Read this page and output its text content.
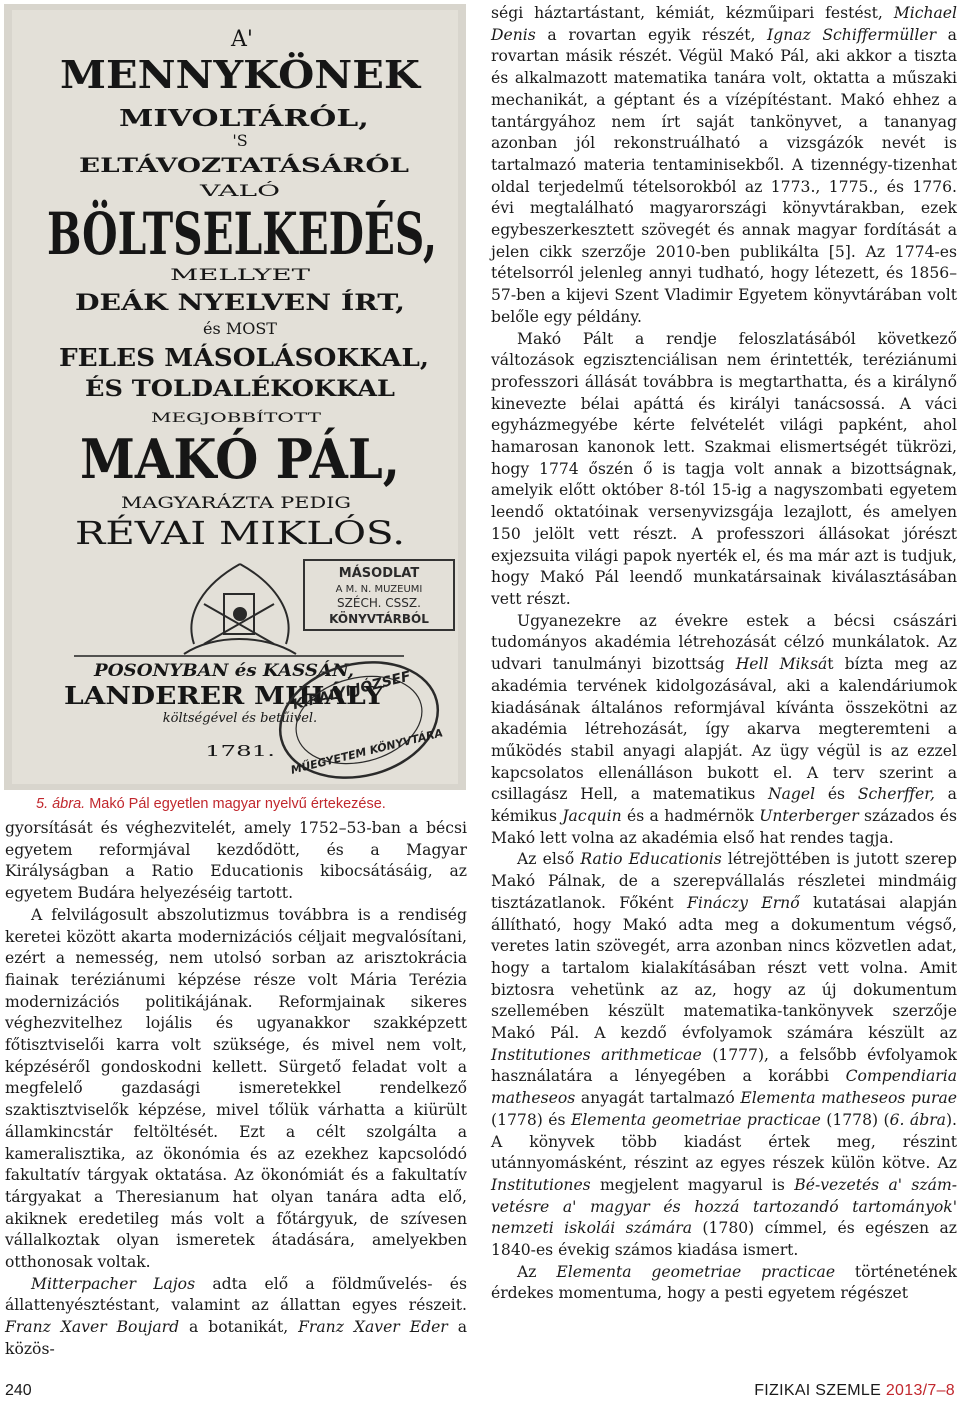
A'
MENNYKÖNEK
MIVOLTÁRÓL,
'S
ELTÁVOZTATÁSÁRÓL
VALÓ
BÖLTSELKEDÉS,
MELLYET
DEÁK NYELVEN ÍRT,
és MOST
FELES MÁSOLÁSOKKAL,
ÉS TOLDALÉKOKKAL
MEGJOBBÍTOTT
MAKÓ PÁL,
MAGYARÁZTA PEDIG
RÉVAI MIKLÓS.
MÁSODLAT
A M. N. MUZEUMI
SZÉCH. CSSZ.
KÖNYVTÁRBÓL
POSONYBAN és KASSÁN,
LANDERER MIHÁLY
költségével és betűivel.
1781.
KIRÁLYI JÓZSEF
MŰEGYETEM KÖNYVTÁRA
5. ábra. Makó Pál egyetlen magyar nyelvű értekezése.

gyorsítását és véghezvitelét, amely 1752–53-ban a bécsi egyetem reformjával kezdődött, és a Magyar Királyságban a Ratio Educationis kibocsátásáig, az egyetem Budára helyezéséig tartott.

A felvilágosult abszolutizmus továbbra is a rendiség keretei között akarta modernizációs céljait megvalósítani, ezért a nemesség, nem utolsó sorban az arisztokrácia fiainak teréziánumi képzése része volt Mária Terézia modernizációs politikájának. Reformjainak sikeres véghezvitelhez lojális és ugyanakkor szakképzett főtisztviselői karra volt szüksége, és mivel nem volt, képzéséről gondoskodni kellett. Sürgető feladat volt a megfelelő gazdasági ismeretekkel rendelkező szaktisztviselők képzése, mivel tőlük várhatta a kiürült államkincstár feltöltését. Ezt a célt szolgálta a kameralisztika, az ökonómia és az ezekhez kapcsolódó fakultatív tárgyak oktatása. Az ökonómiát és a fakultatív tárgyakat a Theresianum hat olyan tanára adta elő, akiknek eredetileg más volt a főtárgyuk, de szívesen vállalkoztak olyan ismeretek átadására, amelyekben otthonosak voltak.

Mitterpacher Lajos adta elő a földművelés- és állattenyésztéstant, valamint az állattan egyes részeit. Franz Xaver Boujard a botanikát, Franz Xaver Eder a közös-

ségi háztartástant, kémiát, kézműipari festést, Michael Denis a rovartan egyik részét, Ignaz Schiffermüller a rovartan másik részét. Végül Makó Pál, aki akkor a tiszta és alkalmazott matematika tanára volt, oktatta a műszaki mechanikát, a géptant és a vízépítéstant. Makó ehhez a tantárgyához nem írt saját tankönyvet, a tananyag azonban jól rekonstruálható a vizsgázók nevét is tartalmazó materia tentaminisekből. A tizennégy-tizenhat oldal terjedelmű tételsorokból az 1773., 1775., és 1776. évi megtalálható magyarországi könyvtárakban, ezek egybeszerkesztett szövegét és annak magyar fordítását a jelen cikk szerzője 2010-ben publikálta [5]. Az 1774-es tételsorról jelenleg annyi tudható, hogy létezett, és 1856–57-ben a kijevi Szent Vladimir Egyetem könyvtárában volt belőle egy példány.

Makó Pált a rendje feloszlatásából következő változások egzisztenciálisan nem érintették, teréziánumi professzori állását továbbra is megtarthatta, és a királynő kinevezte bélai apáttá és királyi tanácsossá. A váci egyházmegyébe kérte felvételét világi papként, ahol hamarosan kanonok lett. Szakmai elismertségét tükrözi, hogy 1774 őszén ő is tagja volt annak a bizottságnak, amelyik előtt október 8-tól 15-ig a nagyszombati egyetem leendő oktatóinak versenyvizsgája lezajlott, és amelyen 150 jelölt vett részt. A professzori állásokat jórészt exjezsuita világi papok nyerték el, és ma már azt is tudjuk, hogy Makó Pál leendő munkatársainak kiválasztásában vett részt.

Ugyanezekre az évekre estek a bécsi császári tudományos akadémia létrehozását célzó munkálatok. Az udvari tanulmányi bizottság Hell Miksát bízta meg az akadémia tervének kidolgozásával, aki a kalendáriumok kiadásának általános reformjával kívánta összekötni az akadémia létrehozását, így akarva megteremteni a működés stabil anyagi alapját. Az ügy végül is az ezzel kapcsolatos ellenálláson bukott el. A terv szerint a csillagász Hell, a matematikus Nagel és Scherffer, a kémikus Jacquin és a hadmérnök Unterberger százados és Makó lett volna az akadémia első hat rendes tagja.

Az első Ratio Educationis létrejöttében is jutott szerep Makó Pálnak, de a szerepvállalás részletei mindmáig tisztázatlanok. Főként Fináczy Ernő kutatásai alapján állítható, hogy Makó adta meg a dokumentum végső, veretes latin szövegét, arra azonban nincs közvetlen adat, hogy a tartalom kialakításában részt vett volna. Amit biztosra vehetünk az az, hogy az új dokumentum szellemében készült matematika-tankönyvek szerzője Makó Pál. A kezdő évfolyamok számára készült az Institutiones arithmeticae (1777), a felsőbb évfolyamok használatára a lényegében a korábbi Compendiaria matheseos anyagát tartalmazó Elementa matheseos purae (1778) és Elementa geometriae practicae (1778) (6. ábra). A könyvek több kiadást értek meg, részint utánnyomásként, részint az egyes részek külön kötve. Az Institutiones megjelent magyarul is Bé-vezetés a' szám-vetésre a' magyar és hozzá tartozandó tartományok' nemzeti iskolái számára (1780) címmel, és egészen az 1840-es évekig számos kiadása ismert.

Az Elementa geometriae practicae történetének érdekes momentuma, hogy a pesti egyetem régészet

240	FIZIKAI SZEMLE 2013/7–8
